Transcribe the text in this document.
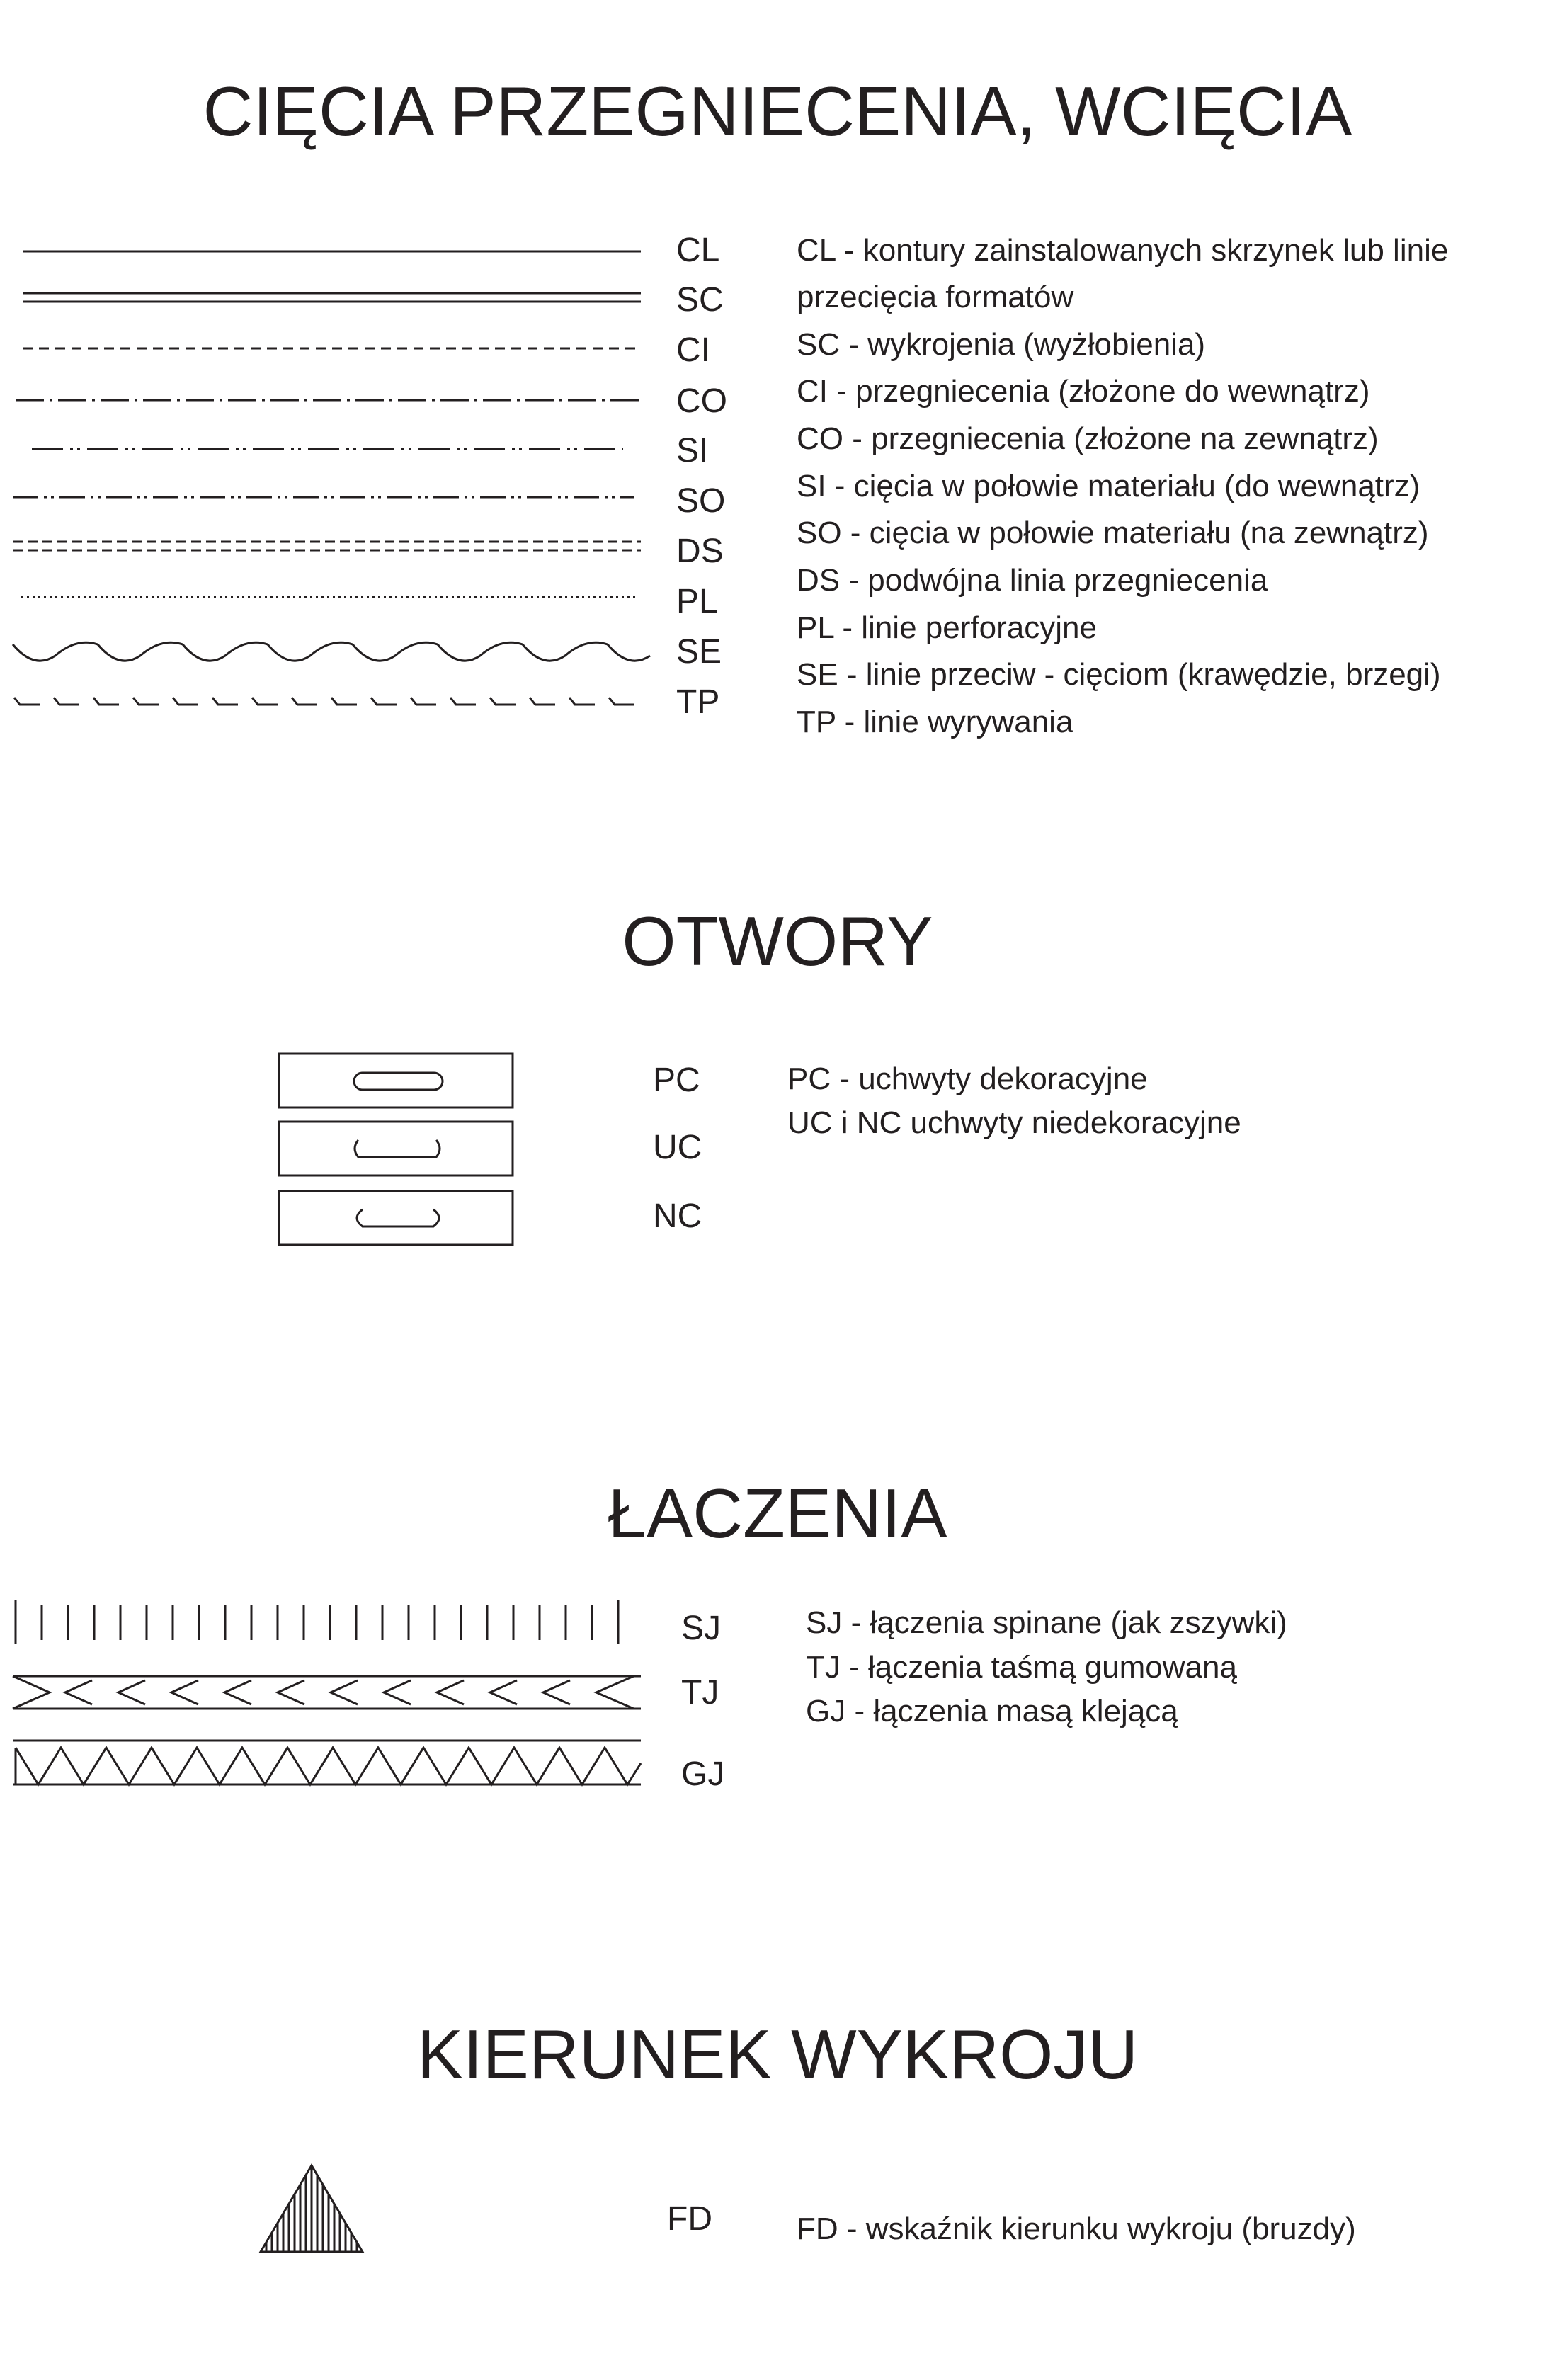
CIĘCIA PRZEGNIECENIA, WCIĘCIA
CL
SC
CI
CO
SI
SO
DS
PL
SE
TP
CL - kontury zainstalowanych skrzynek lub linie
przecięcia formatów
SC - wykrojenia (wyżłobienia)
CI - przegniecenia (złożone do wewnątrz)
CO - przegniecenia (złożone na zewnątrz)
SI - cięcia w połowie materiału (do wewnątrz)
SO - cięcia w połowie materiału (na zewnątrz)
DS - podwójna linia przegniecenia
PL - linie perforacyjne
SE - linie przeciw - cięciom (krawędzie, brzegi)
TP - linie wyrywania
OTWORY
PC
UC
NC
PC - uchwyty dekoracyjne
UC i NC uchwyty niedekoracyjne
ŁACZENIA
SJ
TJ
GJ
SJ - łączenia spinane (jak zszywki)
TJ - łączenia taśmą gumowaną
GJ - łączenia masą klejącą
KIERUNEK WYKROJU
FD	FD - wskaźnik kierunku wykroju (bruzdy)
